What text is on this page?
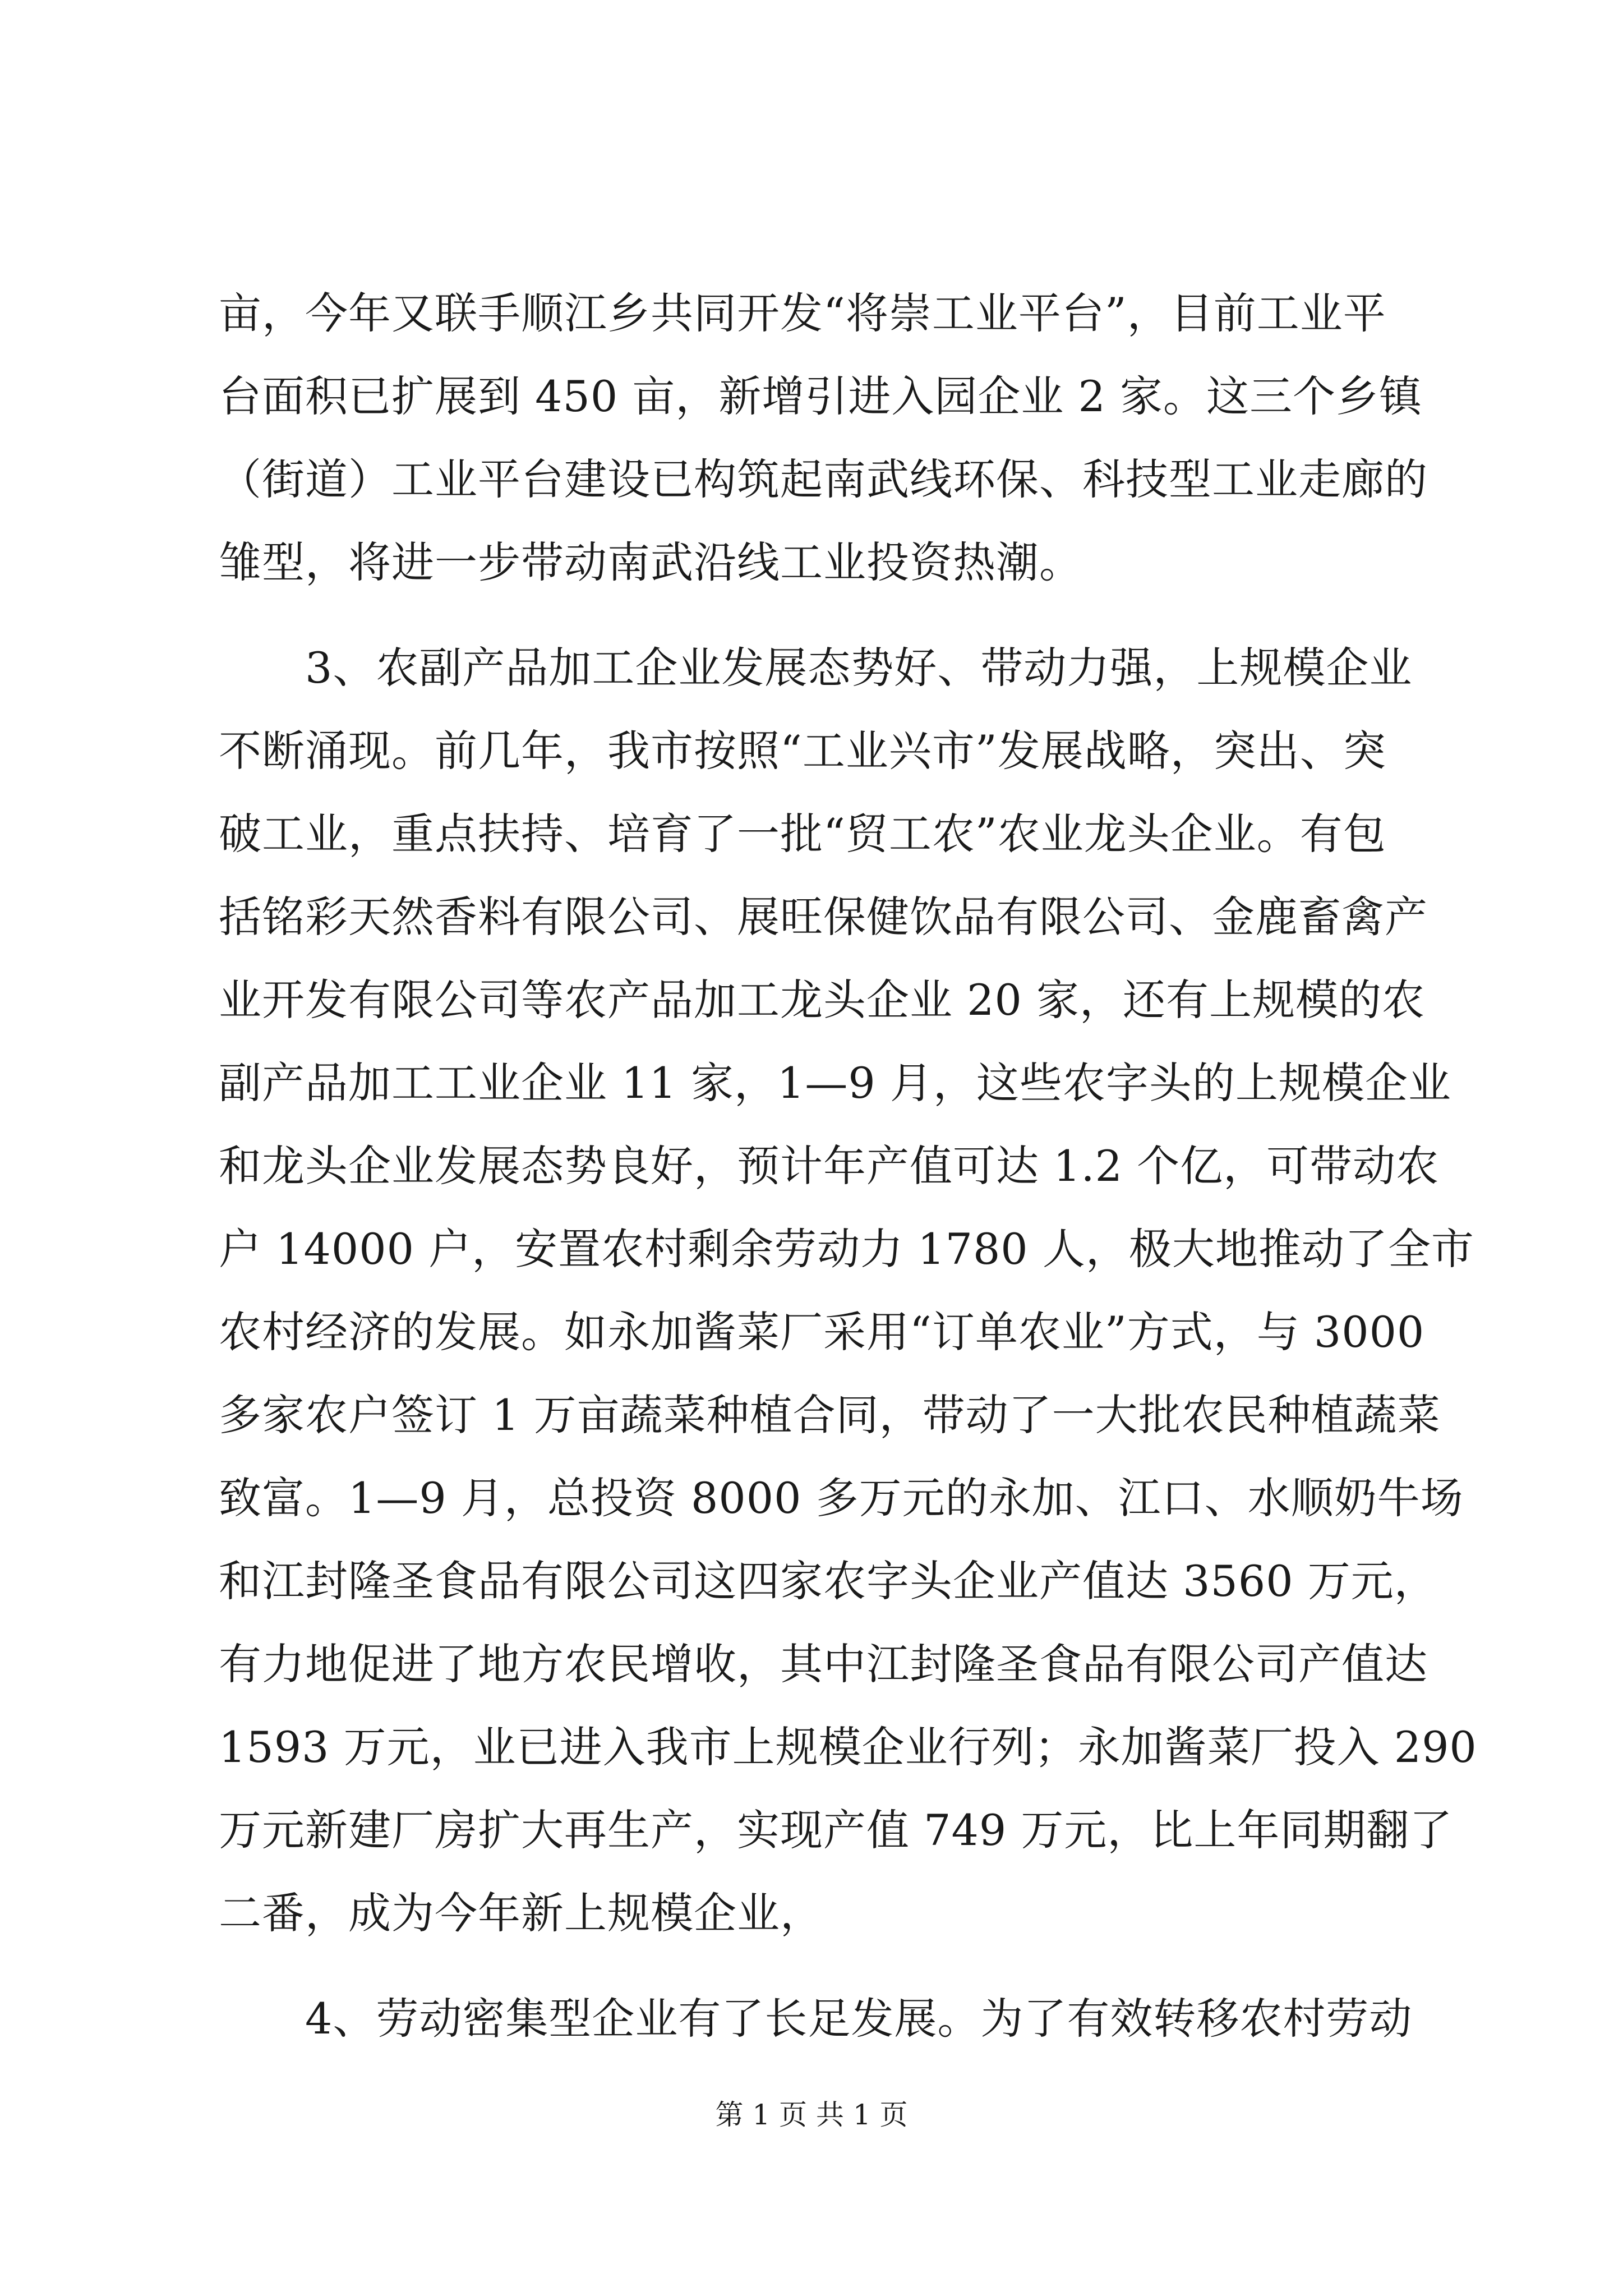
亩，今年又联手顺江乡共同开发“将崇工业平台”，目前工业平
台面积已扩展到 450 亩，新增引进入园企业 2 家。这三个乡镇
（街道）工业平台建设已构筑起南武线环保、科技型工业走廊的
雏型，将进一步带动南武沿线工业投资热潮。
　　3、农副产品加工企业发展态势好、带动力强，上规模企业
不断涌现。前几年，我市按照“工业兴市”发展战略，突出、突
破工业，重点扶持、培育了一批“贸工农”农业龙头企业。有包
括铭彩天然香料有限公司、展旺保健饮品有限公司、金鹿畜禽产
业开发有限公司等农产品加工龙头企业 20 家，还有上规模的农
副产品加工工业企业 11 家，1—9 月，这些农字头的上规模企业
和龙头企业发展态势良好，预计年产值可达 1.2 个亿，可带动农
户 14000 户，安置农村剩余劳动力 1780 人，极大地推动了全市
农村经济的发展。如永加酱菜厂采用“订单农业”方式，与 3000
多家农户签订 1 万亩蔬菜种植合同，带动了一大批农民种植蔬菜
致富。1—9 月，总投资 8000 多万元的永加、江口、水顺奶牛场
和江封隆圣食品有限公司这四家农字头企业产值达 3560 万元，
有力地促进了地方农民增收，其中江封隆圣食品有限公司产值达
1593 万元，业已进入我市上规模企业行列；永加酱菜厂投入 290
万元新建厂房扩大再生产，实现产值 749 万元，比上年同期翻了
二番，成为今年新上规模企业，
　　4、劳动密集型企业有了长足发展。为了有效转移农村劳动
第 1 页 共 1 页
